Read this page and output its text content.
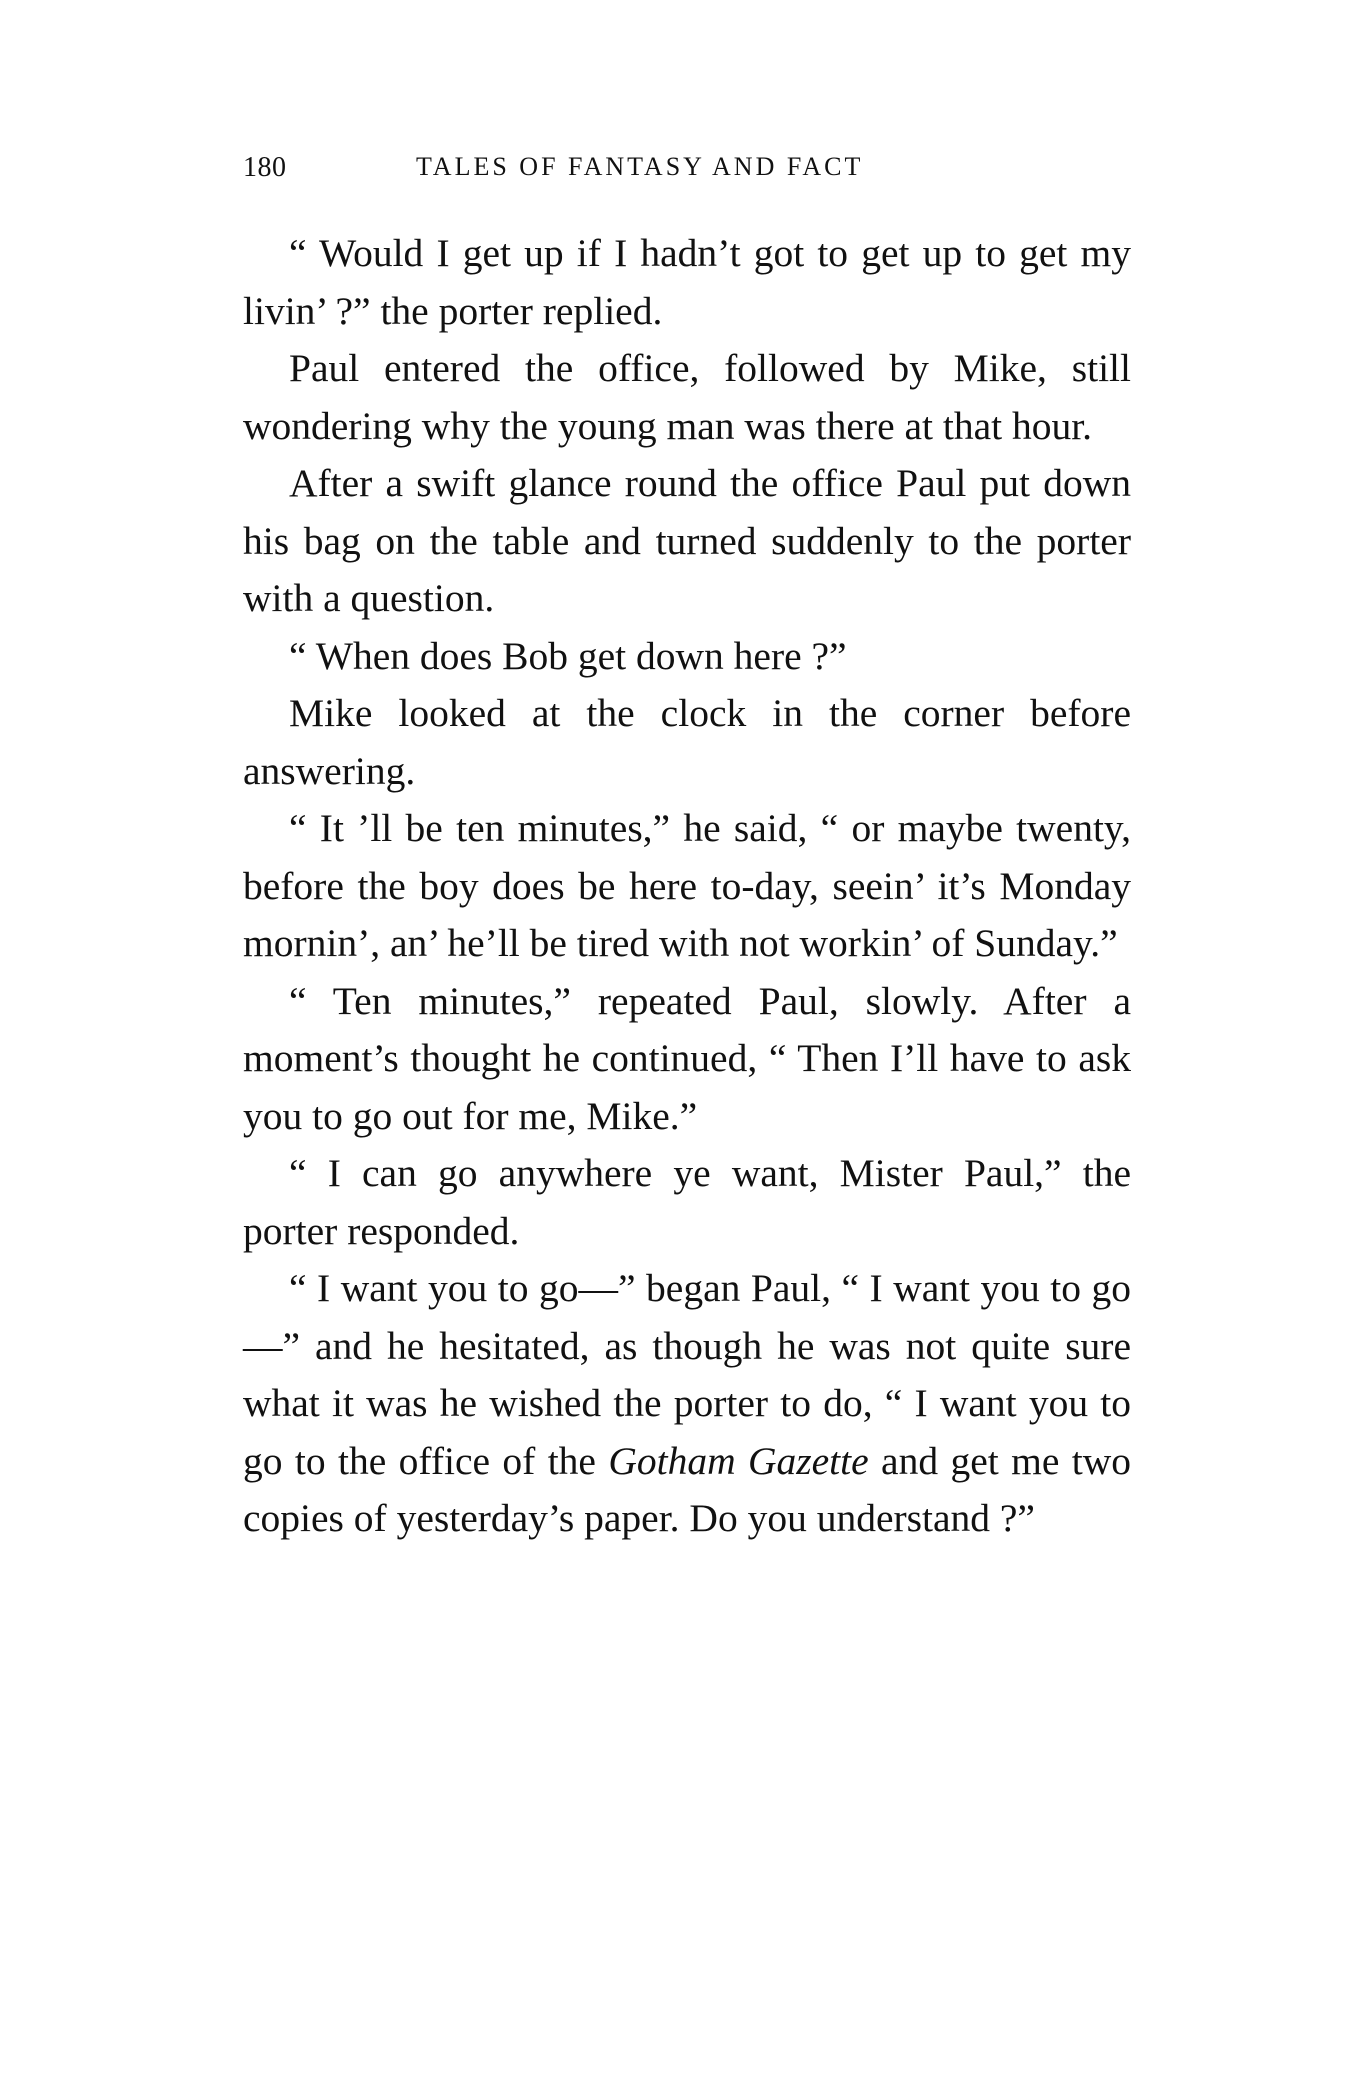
180	TALES OF FANTASY AND FACT

“ Would I get up if I hadn’t got to get up to get my livin’ ?” the porter replied.

Paul entered the office, followed by Mike, still wondering why the young man was there at that hour.

After a swift glance round the office Paul put down his bag on the table and turned suddenly to the porter with a question.

“ When does Bob get down here ?”

Mike looked at the clock in the corner before answering.

“ It ’ll be ten minutes,” he said, “ or maybe twenty, before the boy does be here to-day, seein’ it’s Monday mornin’, an’ he’ll be tired with not workin’ of Sunday.”

“ Ten minutes,” repeated Paul, slowly. After a moment’s thought he continued, “ Then I’ll have to ask you to go out for me, Mike.”

“ I can go anywhere ye want, Mister Paul,” the porter responded.

“ I want you to go—” began Paul, “ I want you to go—” and he hesitated, as though he was not quite sure what it was he wished the porter to do, “ I want you to go to the office of the Gotham Gazette and get me two copies of yesterday’s paper. Do you understand ?”
